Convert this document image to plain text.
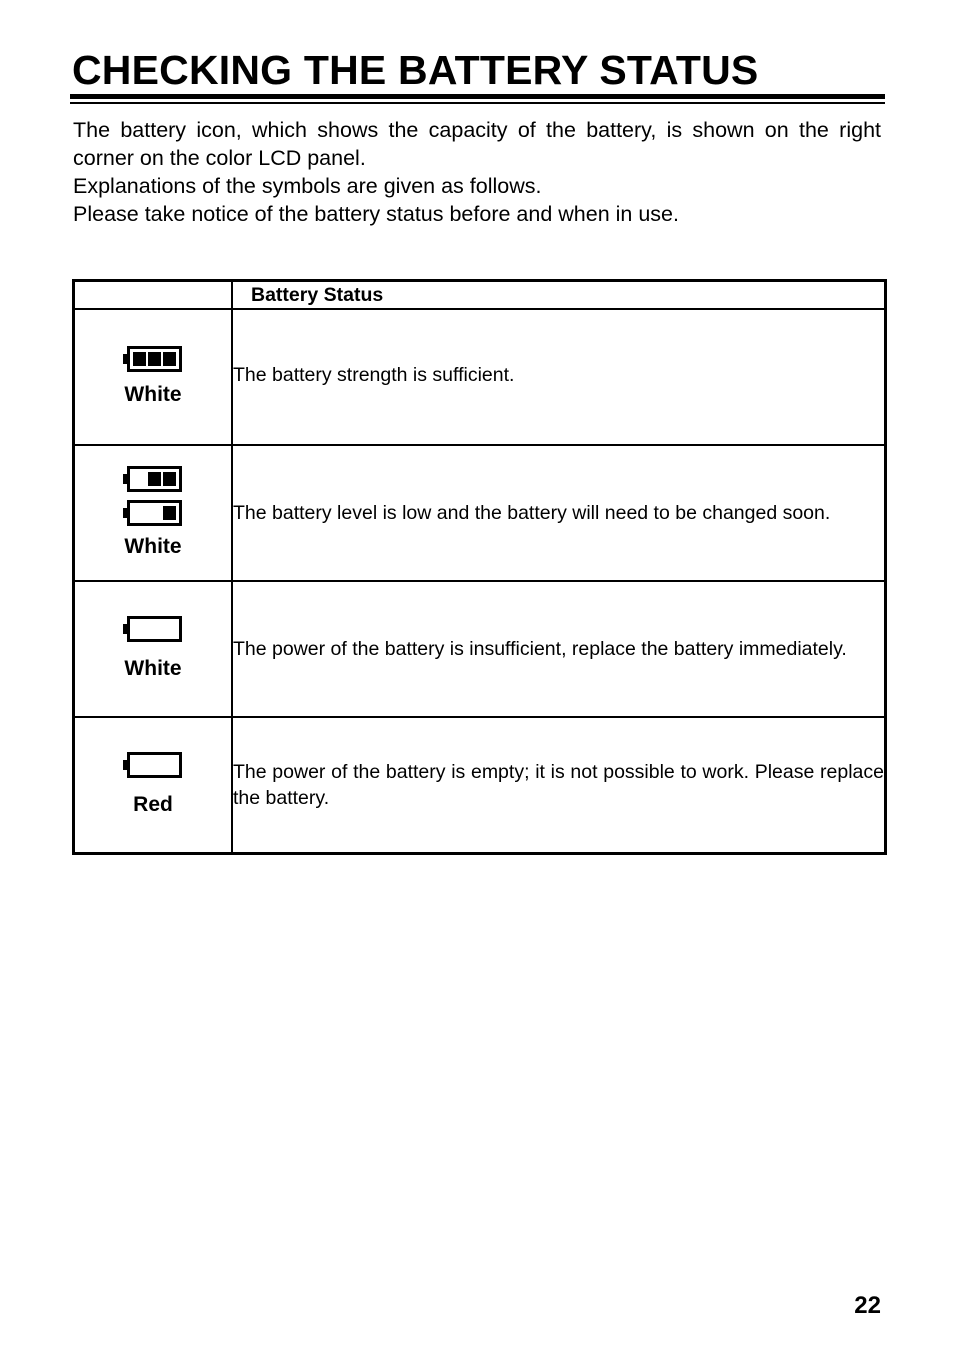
CHECKING THE BATTERY STATUS

The battery icon, which shows the capacity of the battery, is shown on the right corner on the color LCD panel.

Explanations of the symbols are given as follows.

Please take notice of the battery status before and when in use.

	Battery Status

White	The battery strength is sufficient.

White	The battery level is low and the battery will need to be changed soon.

White	The power of the battery is insufficient, replace the battery immediately.

Red	The power of the battery is empty; it is not possible to work. Please replace the battery.
22
